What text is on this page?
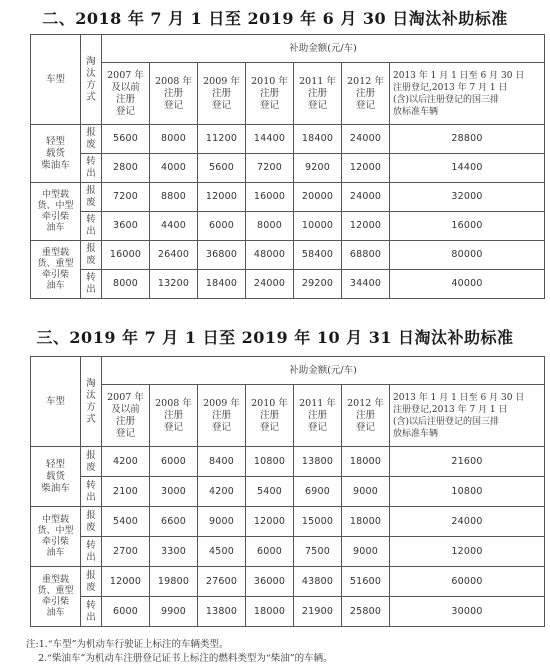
二、2018 年 7 月 1 日至 2019 年 6 月 30 日淘汰补助标准
车型	淘
汰
方
式	补助金额(元/车)						
		2007 年
及以前
注册
登记	2008 年
注册
登记	2009 年
注册
登记	2010 年
注册
登记	2011 年
注册
登记	2012 年
注册
登记	2013 年 1 月 1 日至 6 月 30 日
注册登记,2013 年 7 月 1 日
(含)以后注册登记的国三排
放标准车辆
轻型
载货
柴油车	报
废	5600	8000	11200	14400	18400	24000	28800
	转
出	2800	4000	5600	7200	9200	12000	14400
中型载
货、中型
牵引柴
油车	报
废	7200	8800	12000	16000	20000	24000	32000
	转
出	3600	4400	6000	8000	10000	12000	16000
重型载
货、重型
牵引柴
油车	报
废	16000	26400	36800	48000	58400	68800	80000
	转
出	8000	13200	18400	24000	29200	34400	40000
三、2019 年 7 月 1 日至 2019 年 10 月 31 日淘汰补助标准
车型	淘
汰
方
式	补助金额(元/车)						
		2007 年
及以前
注册
登记	2008 年
注册
登记	2009 年
注册
登记	2010 年
注册
登记	2011 年
注册
登记	2012 年
注册
登记	2013 年 1 月 1 日至 6 月 30 日
注册登记,2013 年 7 月 1 日
(含)以后注册登记的国三排
放标准车辆
轻型
载货
柴油车	报
废	4200	6000	8400	10800	13800	18000	21600
	转
出	2100	3000	4200	5400	6900	9000	10800
中型载
货、中型
牵引柴
油车	报
废	5400	6600	9000	12000	15000	18000	24000
	转
出	2700	3300	4500	6000	7500	9000	12000
重型载
货、重型
牵引柴
油车	报
废	12000	19800	27600	36000	43800	51600	60000
	转
出	6000	9900	13800	18000	21900	25800	30000
注:1.“车型”为机动车行驶证上标注的车辆类型。
2.“柴油车”为机动车注册登记证书上标注的燃料类型为“柴油”的车辆。
